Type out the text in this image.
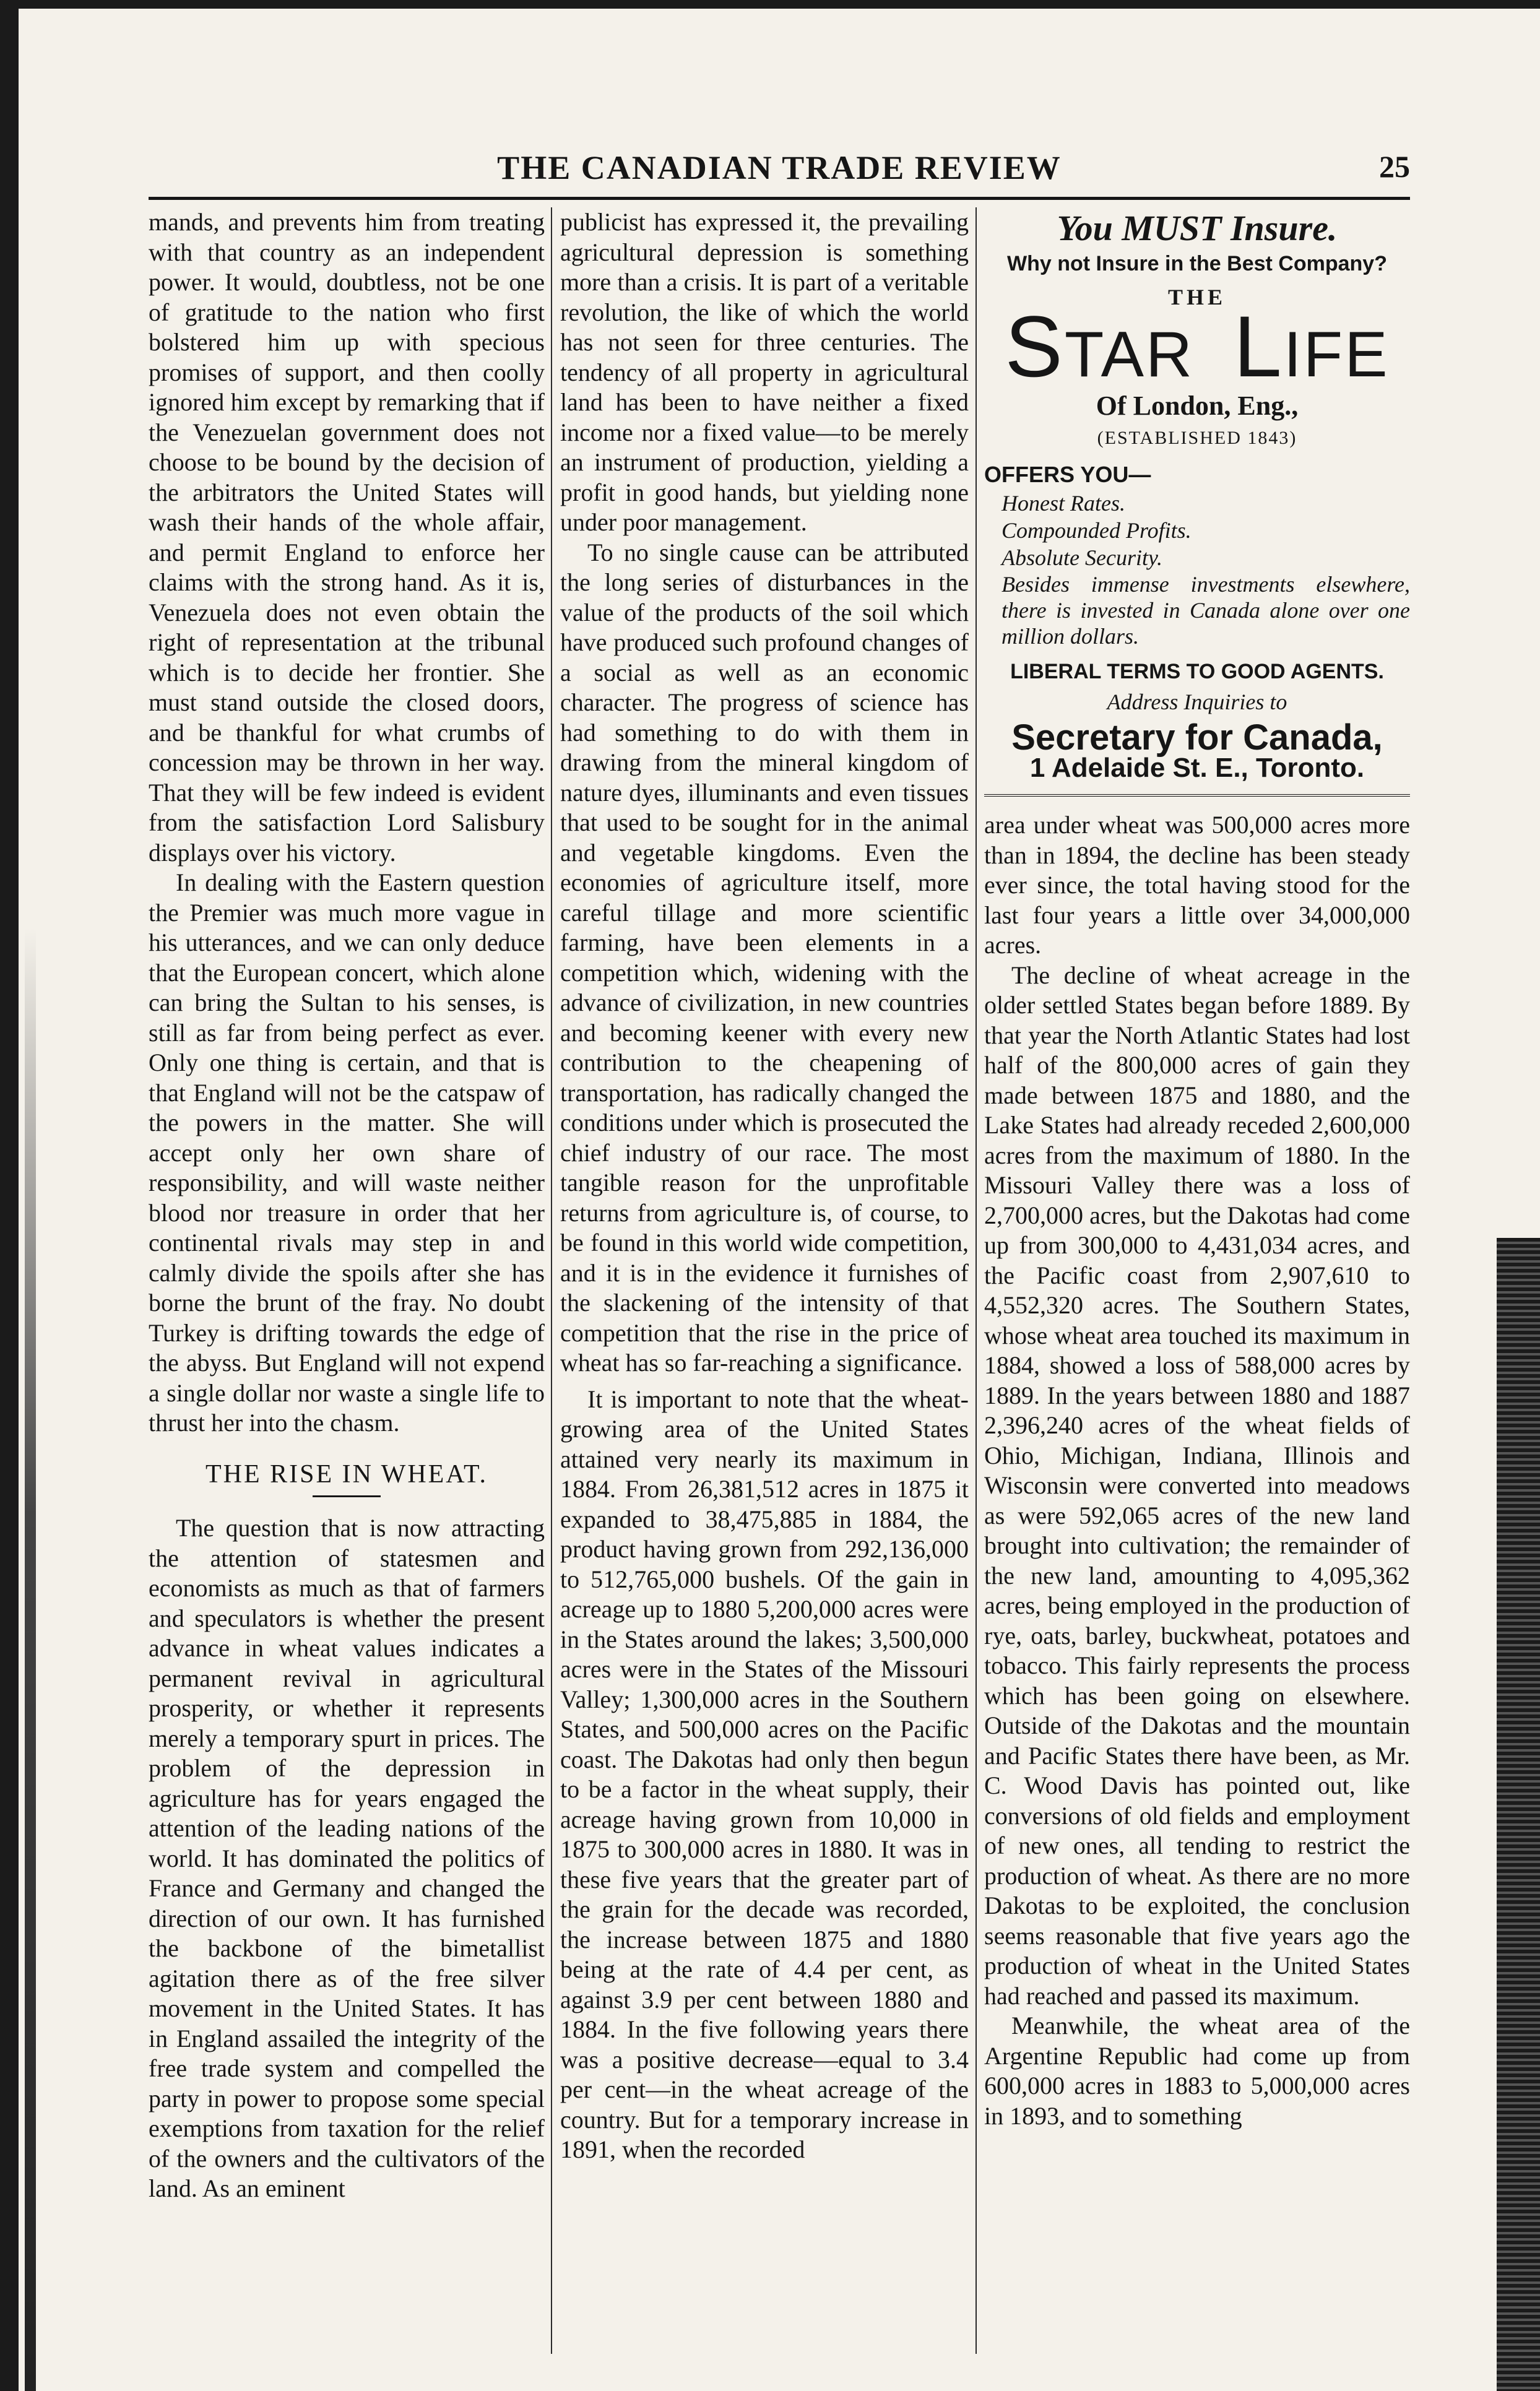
THE CANADIAN TRADE REVIEW	25

mands, and prevents him from treating with that country as an independent power. It would, doubtless, not be one of gratitude to the nation who first bolstered him up with specious promises of support, and then coolly ignored him except by remarking that if the Venezuelan government does not choose to be bound by the decision of the arbitrators the United States will wash their hands of the whole affair, and permit England to enforce her claims with the strong hand. As it is, Venezuela does not even obtain the right of representation at the tribunal which is to decide her frontier. She must stand outside the closed doors, and be thankful for what crumbs of concession may be thrown in her way. That they will be few indeed is evident from the satisfaction Lord Salisbury displays over his victory.

In dealing with the Eastern question the Premier was much more vague in his utterances, and we can only deduce that the European concert, which alone can bring the Sultan to his senses, is still as far from being perfect as ever. Only one thing is certain, and that is that England will not be the catspaw of the powers in the matter. She will accept only her own share of responsibility, and will waste neither blood nor treasure in order that her continental rivals may step in and calmly divide the spoils after she has borne the brunt of the fray. No doubt Turkey is drifting towards the edge of the abyss. But England will not expend a single dollar nor waste a single life to thrust her into the chasm.

THE RISE IN WHEAT.

The question that is now attracting the attention of statesmen and economists as much as that of farmers and speculators is whether the present advance in wheat values indicates a permanent revival in agricultural prosperity, or whether it represents merely a temporary spurt in prices. The problem of the depression in agriculture has for years engaged the attention of the leading nations of the world. It has dominated the politics of France and Germany and changed the direction of our own. It has furnished the backbone of the bimetallist agitation there as of the free silver movement in the United States. It has in England assailed the integrity of the free trade system and compelled the party in power to propose some special exemptions from taxation for the relief of the owners and the cultivators of the land. As an eminent

publicist has expressed it, the prevailing agricultural depression is something more than a crisis. It is part of a veritable revolution, the like of which the world has not seen for three centuries. The tendency of all property in agricultural land has been to have neither a fixed income nor a fixed value—to be merely an instrument of production, yielding a profit in good hands, but yielding none under poor management.

To no single cause can be attributed the long series of disturbances in the value of the products of the soil which have produced such profound changes of a social as well as an economic character. The progress of science has had something to do with them in drawing from the mineral kingdom of nature dyes, illuminants and even tissues that used to be sought for in the animal and vegetable kingdoms. Even the economies of agriculture itself, more careful tillage and more scientific farming, have been elements in a competition which, widening with the advance of civilization, in new countries and becoming keener with every new contribution to the cheapening of transportation, has radically changed the conditions under which is prosecuted the chief industry of our race. The most tangible reason for the unprofitable returns from agriculture is, of course, to be found in this world wide competition, and it is in the evidence it furnishes of the slackening of the intensity of that competition that the rise in the price of wheat has so far-reaching a significance.

It is important to note that the wheat-growing area of the United States attained very nearly its maximum in 1884. From 26,381,512 acres in 1875 it expanded to 38,475,885 in 1884, the product having grown from 292,136,000 to 512,765,000 bushels. Of the gain in acreage up to 1880 5,200,000 acres were in the States around the lakes; 3,500,000 acres were in the States of the Missouri Valley; 1,300,000 acres in the Southern States, and 500,000 acres on the Pacific coast. The Dakotas had only then begun to be a factor in the wheat supply, their acreage having grown from 10,000 in 1875 to 300,000 acres in 1880. It was in these five years that the greater part of the grain for the decade was recorded, the increase between 1875 and 1880 being at the rate of 4.4 per cent, as against 3.9 per cent between 1880 and 1884. In the five following years there was a positive decrease—equal to 3.4 per cent—in the wheat acreage of the country. But for a temporary increase in 1891, when the recorded

You MUST Insure.
Why not Insure in the Best Company?
THE
STAR LIFE
Of London, Eng.,
(ESTABLISHED 1843)
OFFERS YOU—
Honest Rates.
Compounded Profits.
Absolute Security.
Besides immense investments elsewhere, there is invested in Canada alone over one million dollars.
LIBERAL TERMS TO GOOD AGENTS.
Address Inquiries to
Secretary for Canada,
1 Adelaide St. E., Toronto.

area under wheat was 500,000 acres more than in 1894, the decline has been steady ever since, the total having stood for the last four years a little over 34,000,000 acres.

The decline of wheat acreage in the older settled States began before 1889. By that year the North Atlantic States had lost half of the 800,000 acres of gain they made between 1875 and 1880, and the Lake States had already receded 2,600,000 acres from the maximum of 1880. In the Missouri Valley there was a loss of 2,700,000 acres, but the Dakotas had come up from 300,000 to 4,431,034 acres, and the Pacific coast from 2,907,610 to 4,552,320 acres. The Southern States, whose wheat area touched its maximum in 1884, showed a loss of 588,000 acres by 1889. In the years between 1880 and 1887 2,396,240 acres of the wheat fields of Ohio, Michigan, Indiana, Illinois and Wisconsin were converted into meadows as were 592,065 acres of the new land brought into cultivation; the remainder of the new land, amounting to 4,095,362 acres, being employed in the production of rye, oats, barley, buckwheat, potatoes and tobacco. This fairly represents the process which has been going on elsewhere. Outside of the Dakotas and the mountain and Pacific States there have been, as Mr. C. Wood Davis has pointed out, like conversions of old fields and employment of new ones, all tending to restrict the production of wheat. As there are no more Dakotas to be exploited, the conclusion seems reasonable that five years ago the production of wheat in the United States had reached and passed its maximum.

Meanwhile, the wheat area of the Argentine Republic had come up from 600,000 acres in 1883 to 5,000,000 acres in 1893, and to something
